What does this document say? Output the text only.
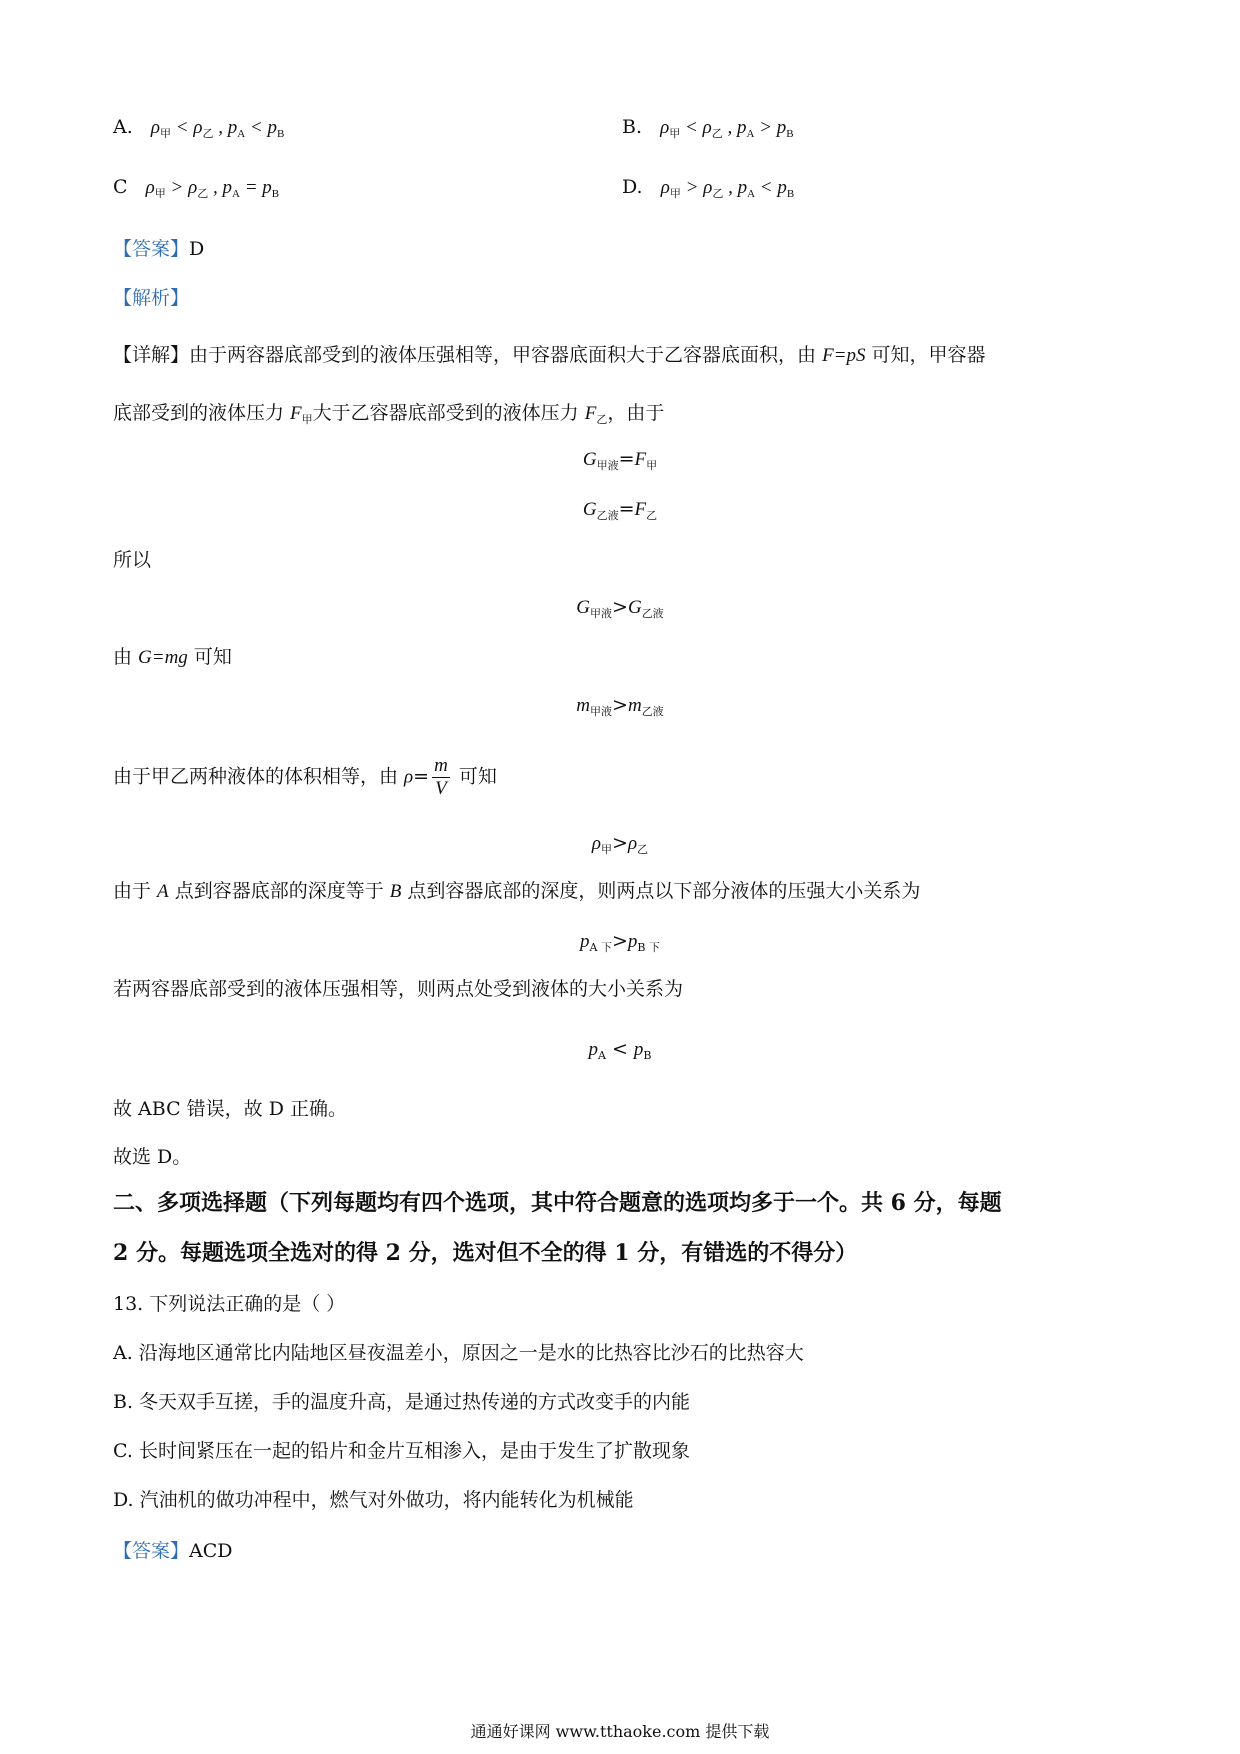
A. $\rho_甲 < \rho_乙$ , $p_A < p_B$	B. $\rho_甲 < \rho_乙$ , $p_A > p_B$
C $\rho_甲 > \rho_乙$ , $p_A = p_B$	D. $\rho_甲 > \rho_乙$ , $p_A < p_B$
【答案】D
【解析】
【详解】由于两容器底部受到的液体压强相等，甲容器底面积大于乙容器底面积，由 F=pS 可知，甲容器
底部受到的液体压力 $F_甲$大于乙容器底部受到的液体压力 $F_乙$，由于
$G_{甲液}=F_甲$
$G_{乙液}=F_乙$
所以
$G_{甲液}>G_{乙液}$
由 G=mg 可知
$m_{甲液}>m_{乙液}$
由于甲乙两种液体的体积相等，由 $\rho= \frac{m}{V}$ 可知
$\rho_甲>\rho_乙$
由于 A 点到容器底部的深度等于 B 点到容器底部的深度，则两点以下部分液体的压强大小关系为
$p_{A 下}>p_{B 下}$
若两容器底部受到的液体压强相等，则两点处受到液体的大小关系为
$p_A < p_B$
故 ABC 错误，故 D 正确。
故选 D。
二、多项选择题（下列每题均有四个选项，其中符合题意的选项均多于一个。共 6 分，每题
2 分。每题选项全选对的得 2 分，选对但不全的得 1 分，有错选的不得分）
13. 下列说法正确的是（ ）
A. 沿海地区通常比内陆地区昼夜温差小，原因之一是水的比热容比沙石的比热容大
B. 冬天双手互搓，手的温度升高，是通过热传递的方式改变手的内能
C. 长时间紧压在一起的铅片和金片互相渗入，是由于发生了扩散现象
D. 汽油机的做功冲程中，燃气对外做功，将内能转化为机械能
【答案】ACD
通通好课网 www.tthaoke.com 提供下载
